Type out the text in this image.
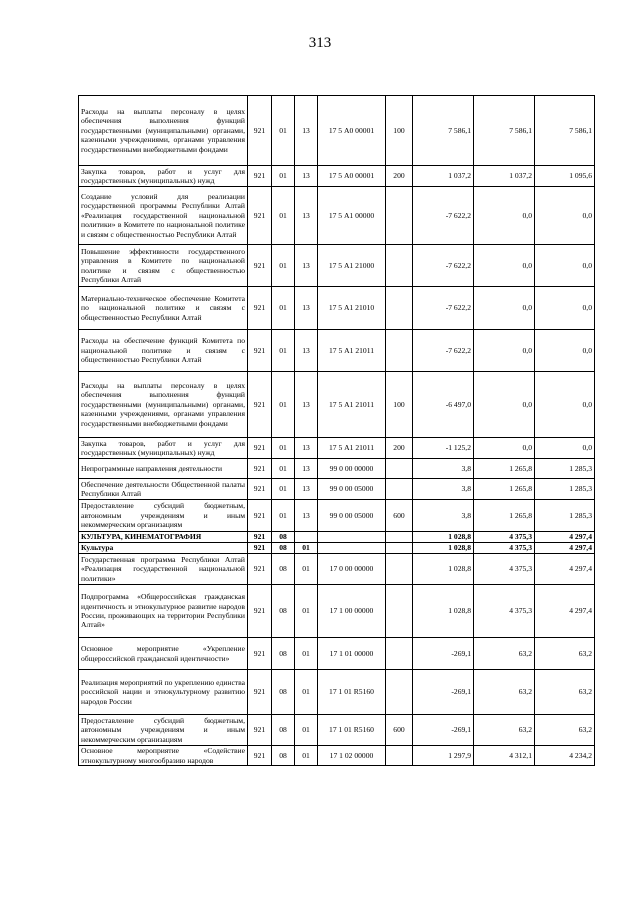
313
Расходы на выплаты персоналу в целях обеспечения выполнения функций государственными (муниципальными) органами, казенными учреждениями, органами управления государственными внебюджетными фондами	921	01	13	17 5 А0 00001	100	7 586,1	7 586,1	7 586,1
Закупка товаров, работ и услуг для государственных (муниципальных) нужд	921	01	13	17 5 А0 00001	200	1 037,2	1 037,2	1 095,6
Создание условий для реализации государственной программы Республики Алтай «Реализация государственной национальной политики» в Комитете по национальной политике и связям с общественностью Республики Алтай	921	01	13	17 5 А1 00000		-7 622,2	0,0	0,0
Повышение эффективности государственного управления в Комитете по национальной политике и связям с общественностью Республики Алтай	921	01	13	17 5 А1 21000		-7 622,2	0,0	0,0
Материально-техническое обеспечение Комитета по национальной политике и связям с общественностью Республики Алтай	921	01	13	17 5 А1 21010		-7 622,2	0,0	0,0
Расходы на обеспечение функций Комитета по национальной политике и связям с общественностью Республики Алтай	921	01	13	17 5 А1 21011		-7 622,2	0,0	0,0
Расходы на выплаты персоналу в целях обеспечения выполнения функций государственными (муниципальными) органами, казенными учреждениями, органами управления государственными внебюджетными фондами	921	01	13	17 5 А1 21011	100	-6 497,0	0,0	0,0
Закупка товаров, работ и услуг для государственных (муниципальных) нужд	921	01	13	17 5 А1 21011	200	-1 125,2	0,0	0,0
Непрограммные направления деятельности	921	01	13	99 0 00 00000		3,8	1 265,8	1 285,3
Обеспечение деятельности Общественной палаты Республики Алтай	921	01	13	99 0 00 05000		3,8	1 265,8	1 285,3
Предоставление субсидий бюджетным, автономным учреждениям и иным некоммерческим организациям	921	01	13	99 0 00 05000	600	3,8	1 265,8	1 285,3
КУЛЬТУРА, КИНЕМАТОГРАФИЯ	921	08				1 028,8	4 375,3	4 297,4
Культура	921	08	01			1 028,8	4 375,3	4 297,4
Государственная программа Республики Алтай «Реализация государственной национальной политики»	921	08	01	17 0 00 00000		1 028,8	4 375,3	4 297,4
Подпрограмма «Общероссийская гражданская идентичность и этнокультурное развитие народов России, проживающих на территории Республики Алтай»	921	08	01	17 1 00 00000		1 028,8	4 375,3	4 297,4
Основное мероприятие «Укрепление общероссийской гражданской идентичности»	921	08	01	17 1 01 00000		-269,1	63,2	63,2
Реализация мероприятий по укреплению единства российской нации и этнокультурному развитию народов России	921	08	01	17 1 01 R5160		-269,1	63,2	63,2
Предоставление субсидий бюджетным, автономным учреждениям и иным некоммерческим организациям	921	08	01	17 1 01 R5160	600	-269,1	63,2	63,2
Основное мероприятие «Содействие этнокультурному многообразию народов	921	08	01	17 1 02 00000		1 297,9	4 312,1	4 234,2
